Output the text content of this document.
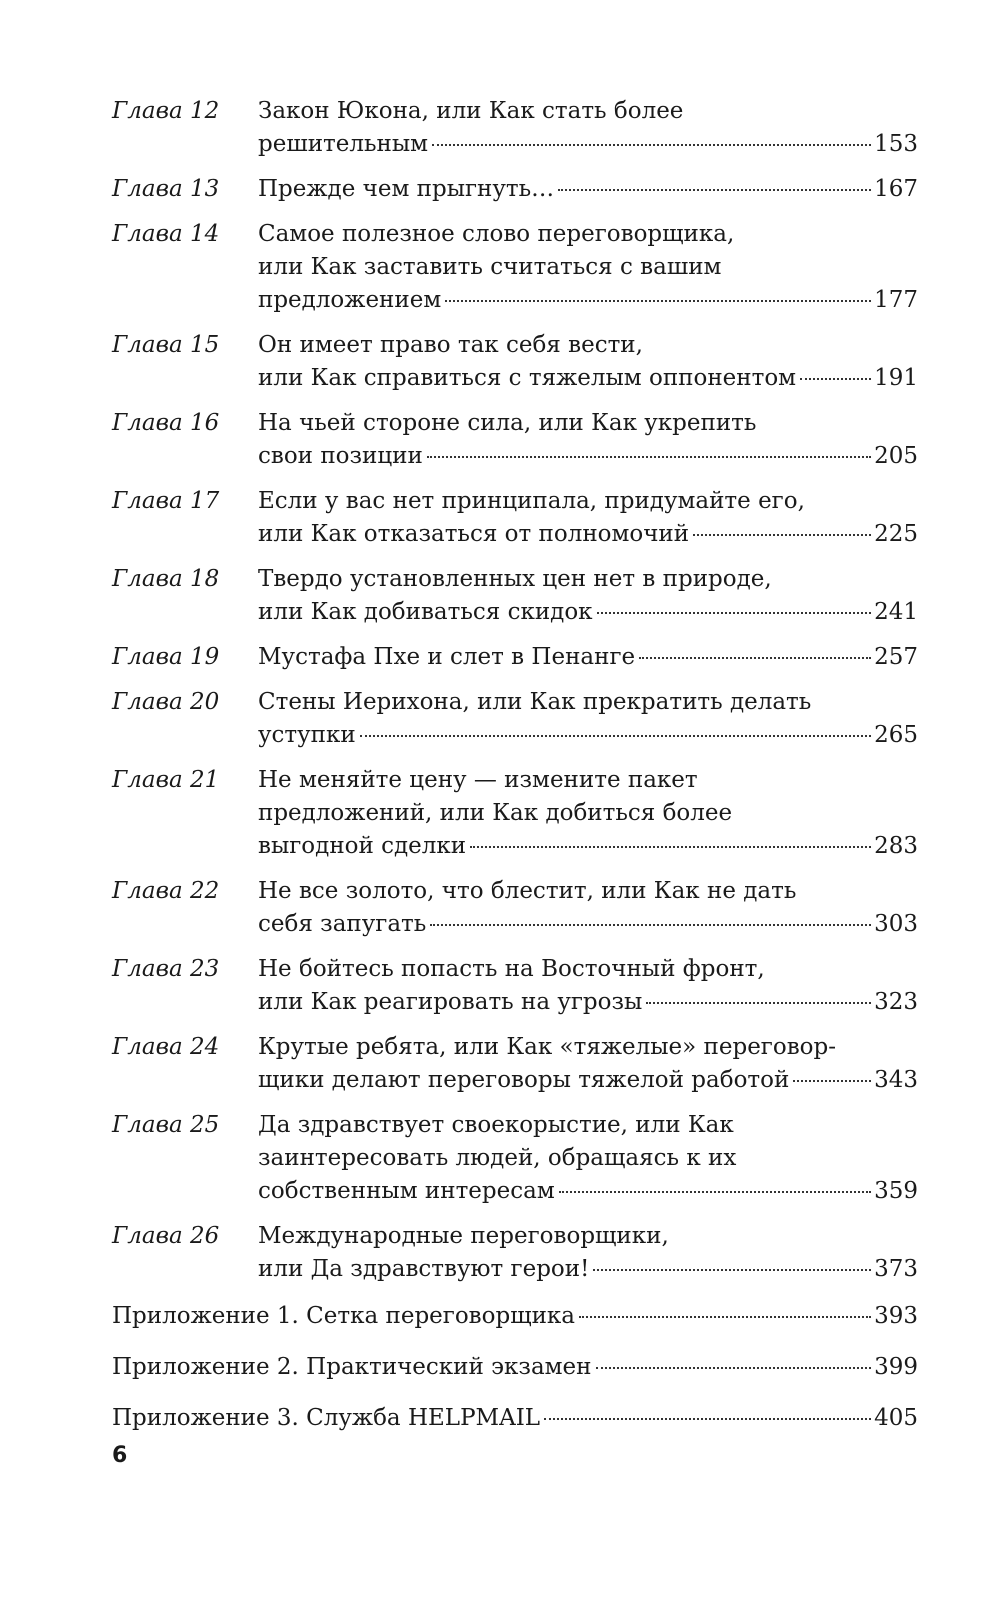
Глава 12	Закон Юкона, или Как стать более
решительным	153
Глава 13	Прежде чем прыгнуть…	167
Глава 14	Самое полезное слово переговорщика,
или Как заставить считаться с вашим
предложением	177
Глава 15	Он имеет право так себя вести,
или Как справиться с тяжелым оппонентом	191
Глава 16	На чьей стороне сила, или Как укрепить
свои позиции	205
Глава 17	Если у вас нет принципала, придумайте его,
или Как отказаться от полномочий	225
Глава 18	Твердо установленных цен нет в природе,
или Как добиваться скидок	241
Глава 19	Мустафа Пхе и слет в Пенанге	257
Глава 20	Стены Иерихона, или Как прекратить делать
уступки	265
Глава 21	Не меняйте цену — измените пакет
предложений, или Как добиться более
выгодной сделки	283
Глава 22	Не все золото, что блестит, или Как не дать
себя запугать	303
Глава 23	Не бойтесь попасть на Восточный фронт,
или Как реагировать на угрозы	323
Глава 24	Крутые ребята, или Как «тяжелые» переговор-
щики делают переговоры тяжелой работой	343
Глава 25	Да здравствует своекорыстие, или Как
заинтересовать людей, обращаясь к их
собственным интересам	359
Глава 26	Международные переговорщики,
или Да здравствуют герои!	373
Приложение 1. Сетка переговорщика	393
Приложение 2. Практический экзамен	399
Приложение 3. Служба HELPMAIL	405
6
